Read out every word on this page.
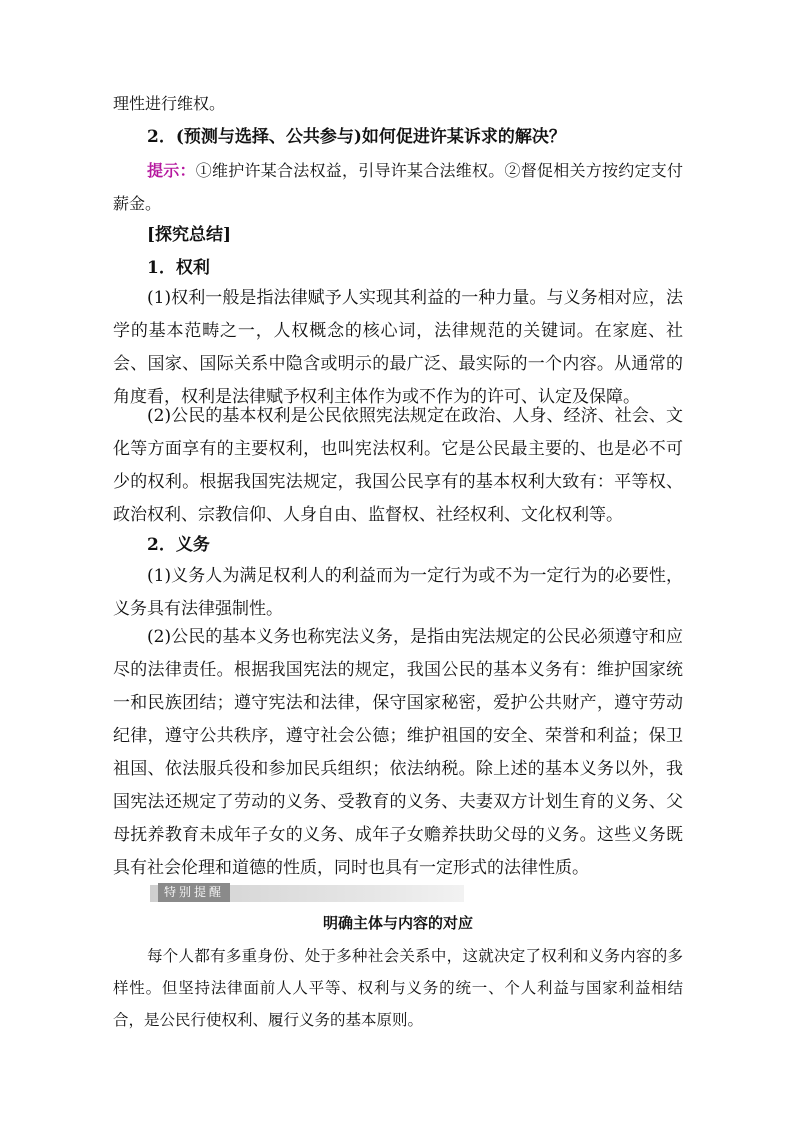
理性进行维权。

2．(预测与选择、公共参与)如何促进许某诉求的解决？

提示：①维护许某合法权益，引导许某合法维权。②督促相关方按约定支付薪金。

[探究总结]

1．权利

(1)权利一般是指法律赋予人实现其利益的一种力量。与义务相对应，法学的基本范畴之一，人权概念的核心词，法律规范的关键词。在家庭、社会、国家、国际关系中隐含或明示的最广泛、最实际的一个内容。从通常的角度看，权利是法律赋予权利主体作为或不作为的许可、认定及保障。

(2)公民的基本权利是公民依照宪法规定在政治、人身、经济、社会、文化等方面享有的主要权利，也叫宪法权利。它是公民最主要的、也是必不可少的权利。根据我国宪法规定，我国公民享有的基本权利大致有：平等权、政治权利、宗教信仰、人身自由、监督权、社经权利、文化权利等。

2．义务

(1)义务人为满足权利人的利益而为一定行为或不为一定行为的必要性，义务具有法律强制性。

(2)公民的基本义务也称宪法义务，是指由宪法规定的公民必须遵守和应尽的法律责任。根据我国宪法的规定，我国公民的基本义务有：维护国家统一和民族团结；遵守宪法和法律，保守国家秘密，爱护公共财产，遵守劳动纪律，遵守公共秩序，遵守社会公德；维护祖国的安全、荣誉和利益；保卫祖国、依法服兵役和参加民兵组织；依法纳税。除上述的基本义务以外，我国宪法还规定了劳动的义务、受教育的义务、夫妻双方计划生育的义务、父母抚养教育未成年子女的义务、成年子女赡养扶助父母的义务。这些义务既具有社会伦理和道德的性质，同时也具有一定形式的法律性质。

特别提醒

明确主体与内容的对应

每个人都有多重身份、处于多种社会关系中，这就决定了权利和义务内容的多样性。但坚持法律面前人人平等、权利与义务的统一、个人利益与国家利益相结合，是公民行使权利、履行义务的基本原则。
